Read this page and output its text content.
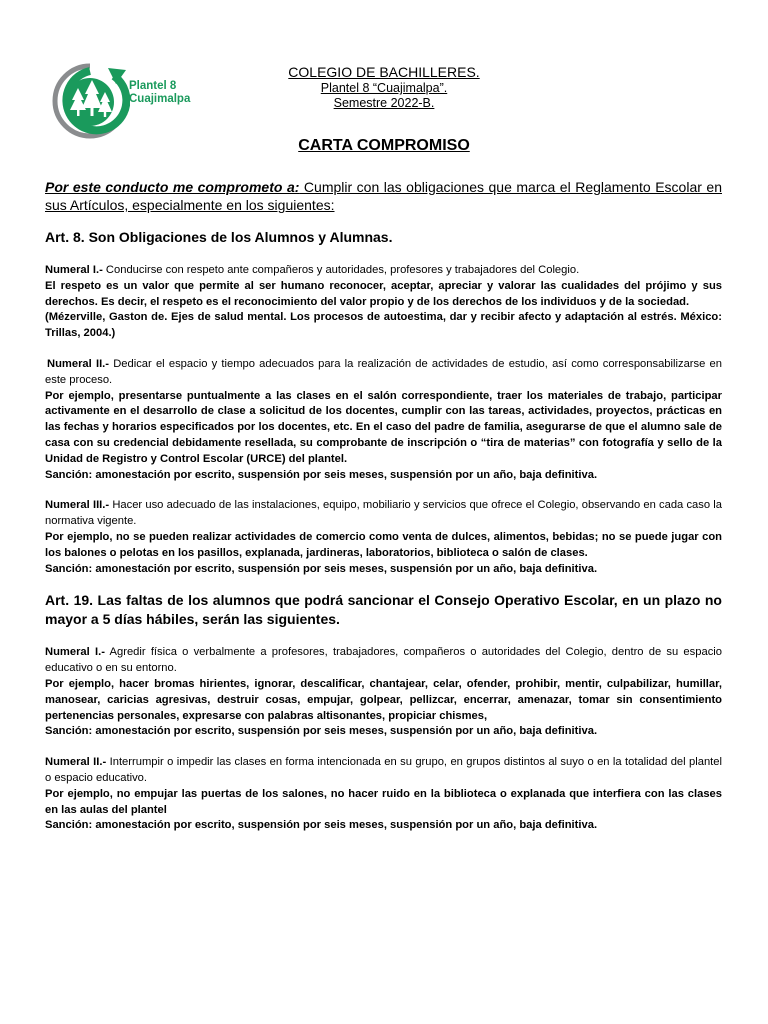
Plantel 8
Cuajimalpa
COLEGIO DE BACHILLERES.
Plantel 8 “Cuajimalpa”.
Semestre 2022-B.
CARTA COMPROMISO

Por este conducto me comprometo a: Cumplir con las obligaciones que marca el Reglamento Escolar en sus Artículos, especialmente en los siguientes:

Art. 8. Son Obligaciones de los Alumnos y Alumnas.

Numeral I.- Conducirse con respeto ante compañeros y autoridades, profesores y trabajadores del Colegio.

El respeto es un valor que permite al ser humano reconocer, aceptar, apreciar y valorar las cualidades del prójimo y sus derechos. Es decir, el respeto es el reconocimiento del valor propio y de los derechos de los individuos y de la sociedad.

(Mézerville, Gaston de. Ejes de salud mental. Los procesos de autoestima, dar y recibir afecto y adaptación al estrés. México: Trillas, 2004.)

Numeral II.- Dedicar el espacio y tiempo adecuados para la realización de actividades de estudio, así como corresponsabilizarse en este proceso.

Por ejemplo, presentarse puntualmente a las clases en el salón correspondiente, traer los materiales de trabajo, participar activamente en el desarrollo de clase a solicitud de los docentes, cumplir con las tareas, actividades, proyectos, prácticas en las fechas y horarios especificados por los docentes, etc. En el caso del padre de familia, asegurarse de que el alumno sale de casa con su credencial debidamente resellada, su comprobante de inscripción o “tira de materias” con fotografía y sello de la Unidad de Registro y Control Escolar (URCE) del plantel.

Sanción: amonestación por escrito, suspensión por seis meses, suspensión por un año, baja definitiva.

Numeral III.- Hacer uso adecuado de las instalaciones, equipo, mobiliario y servicios que ofrece el Colegio, observando en cada caso la normativa vigente.

Por ejemplo, no se pueden realizar actividades de comercio como venta de dulces, alimentos, bebidas; no se puede jugar con los balones o pelotas en los pasillos, explanada, jardineras, laboratorios, biblioteca o salón de clases.

Sanción: amonestación por escrito, suspensión por seis meses, suspensión por un año, baja definitiva.

Art. 19. Las faltas de los alumnos que podrá sancionar el Consejo Operativo Escolar, en un plazo no mayor a 5 días hábiles, serán las siguientes.

Numeral I.- Agredir física o verbalmente a profesores, trabajadores, compañeros o autoridades del Colegio, dentro de su espacio educativo o en su entorno.

Por ejemplo, hacer bromas hirientes, ignorar, descalificar, chantajear, celar, ofender, prohibir, mentir, culpabilizar, humillar, manosear, caricias agresivas, destruir cosas, empujar, golpear, pellizcar, encerrar, amenazar, tomar sin consentimiento pertenencias personales, expresarse con palabras altisonantes, propiciar chismes,

Sanción: amonestación por escrito, suspensión por seis meses, suspensión por un año, baja definitiva.

Numeral II.- Interrumpir o impedir las clases en forma intencionada en su grupo, en grupos distintos al suyo o en la totalidad del plantel o espacio educativo.

Por ejemplo, no empujar las puertas de los salones, no hacer ruido en la biblioteca o explanada que interfiera con las clases en las aulas del plantel

Sanción: amonestación por escrito, suspensión por seis meses, suspensión por un año, baja definitiva.
